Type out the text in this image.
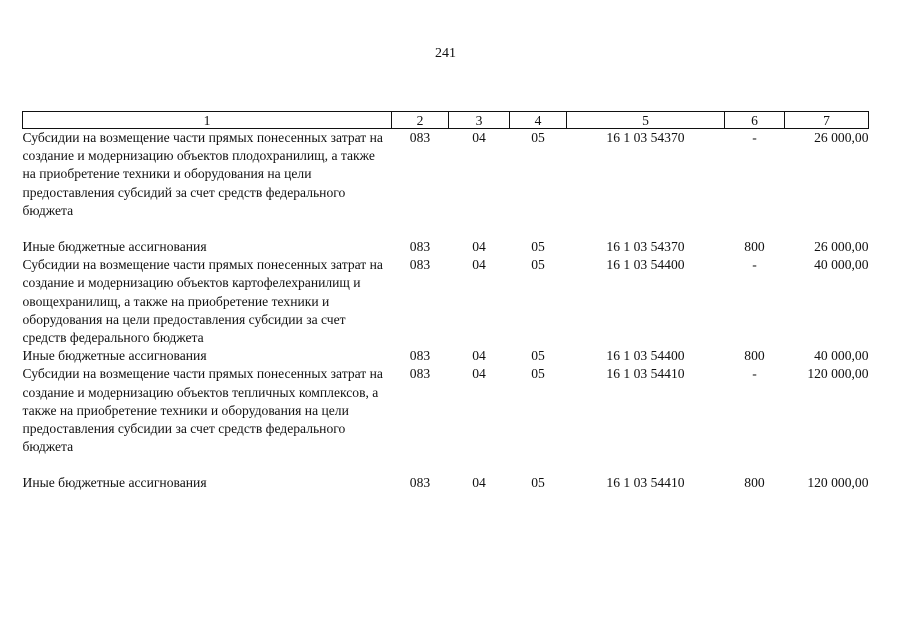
241
1	2	3	4	5	6	7
Субсидии на возмещение части прямых понесенных затрат на создание и модернизацию объектов плодохранилищ, а также на приобретение техники и оборудования на цели предоставления субсидий за счет средств федерального бюджета	083	04	05	16 1 03 54370	-	26 000,00

Иные бюджетные ассигнования	083	04	05	16 1 03 54370	800	26 000,00
Субсидии на возмещение части прямых понесенных затрат на создание и модернизацию объектов картофелехранилищ и овощехранилищ, а также на приобретение техники и оборудования на цели предоставления субсидии за счет средств федерального бюджета	083	04	05	16 1 03 54400	-	40 000,00
Иные бюджетные ассигнования	083	04	05	16 1 03 54400	800	40 000,00
Субсидии на возмещение части прямых понесенных затрат на создание и модернизацию объектов тепличных комплексов, а также на приобретение техники и оборудования на цели предоставления субсидии за счет средств федерального бюджета	083	04	05	16 1 03 54410	-	120 000,00

Иные бюджетные ассигнования	083	04	05	16 1 03 54410	800	120 000,00
